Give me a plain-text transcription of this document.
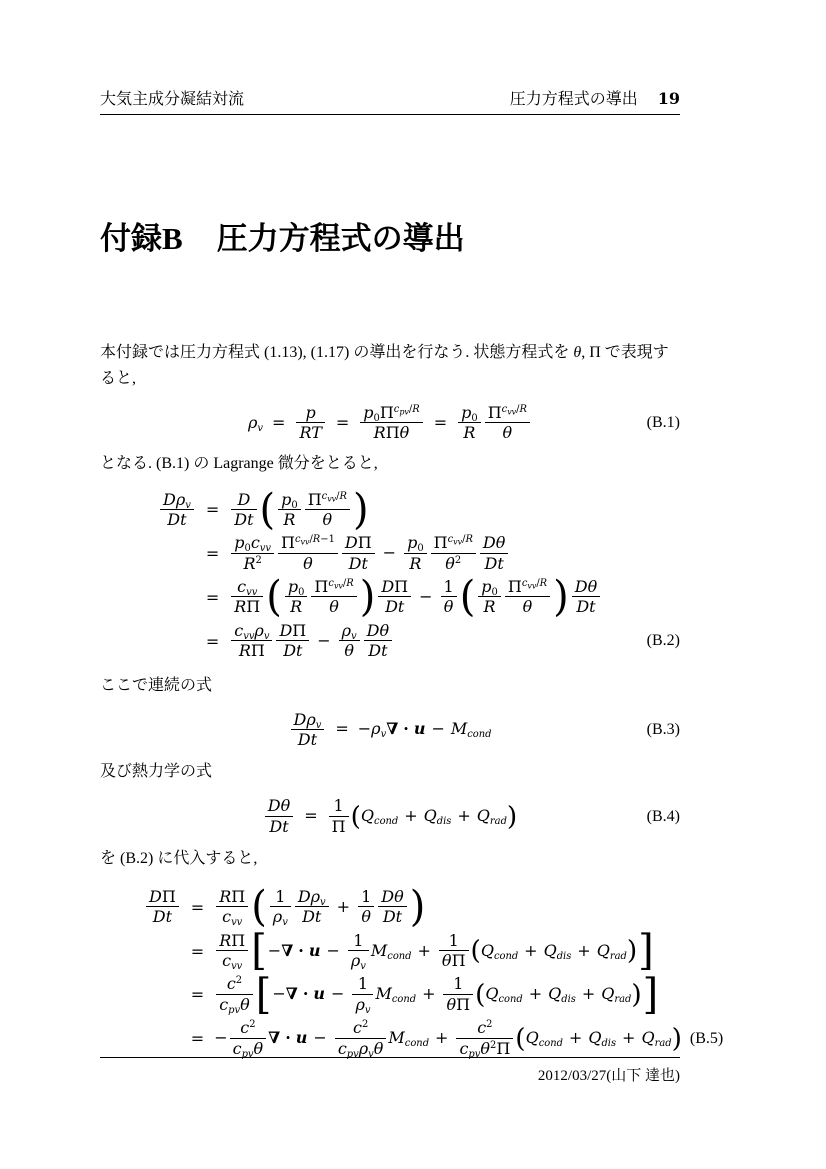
大気主成分凝結対流	圧力方程式の導出 19
付録B 圧力方程式の導出

本付録では圧力方程式 (1.13), (1.17) の導出を行なう. 状態方程式を θ, Π で表現すると,

$\rho_v = \frac{p}{RT}$ =
$p_0\Pi^{c_{pv}/R}$
RΠθ
= $\frac{p_0}{R} \Pi^{c_{vv}/R}$
θ
(B.1)

となる. (B.1) の Lagrange 微分をとると,

$D\rho_v$
Dt	= $\frac{D}{Dt}$ ( $\frac{p_0}{R} \Pi^{c_{vv}/R}$
θ )
=
$p_0c_{vv}$
$R^2$
$\Pi^{c_{vv}/R-1}$
θ	$\frac{D\Pi}{Dt} - \frac{p_0}{R} \Pi^{c_{vv}/R}$
$\theta^2$	$\frac{D\theta}{Dt}$
=
$c_{vv}$
RΠ ( $\frac{p_0}{R} \Pi^{c_{vv}/R}$
θ ) $\frac{D\Pi}{Dt} - \frac{1}{\theta}$ ( $\frac{p_0}{R} \Pi^{c_{vv}/R}$
θ ) $\frac{D\theta}{Dt}$
=
$c_{vv}\rho_v$
RΠ $\frac{D\Pi}{Dt} - \frac{\rho_v}{\theta} \frac{D\theta}{Dt}$	(B.2)

ここで連続の式

$D\rho_v$
Dt
= $-\rho_v\nabla \cdot u - M_{cond}$	(B.3)

及び熱力学の式

$\frac{D\theta}{Dt} = \frac{1}{\Pi} (Q_{cond} + Q_{dis} + Q_{rad})$	(B.4)

を (B.2) に代入すると,

$\frac{D\Pi}{Dt}$ =
RΠ
$c_{vv}$ ( $\frac{1}{\rho_v} D\rho_v$
Dt
+ $\frac{1}{\theta} \frac{D\theta}{Dt}$ )
=
RΠ
$c_{vv}$ [−∇ · $u - \frac{1}{\rho_v} M_{cond} + \frac{1}{\theta\Pi} (Q_{cond} + Q_{dis} + Q_{rad})$]
=
$c^2$
$c_{pv}\theta$ [−∇ · $u - \frac{1}{\rho_v} M_{cond} + \frac{1}{\theta\Pi} (Q_{cond} + Q_{dis} + Q_{rad})$]
= −
$c^2$
$c_{pv}\theta$
∇ · u −
$c^2$
$c_{pv}\rho_v\theta$
$M_{cond}$ +
$c^2$
$c_{pv}\theta^2\Pi$ $(Q_{cond} + Q_{dis} + Q_{rad})$ (B.5)
2012/03/27(山下 達也)
